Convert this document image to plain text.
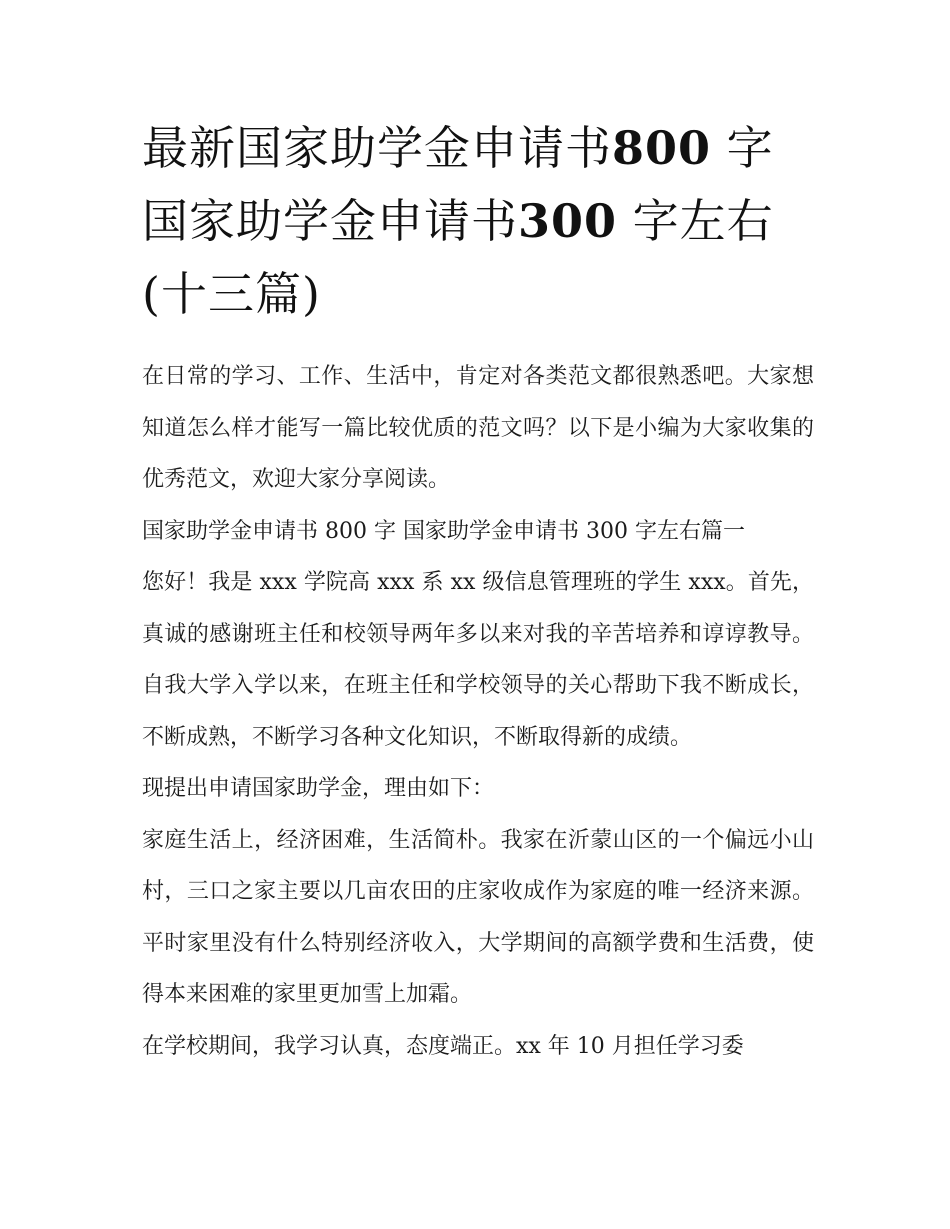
最新国家助学金申请书800 字
国家助学金申请书300 字左右
(十三篇)

在日常的学习、工作、生活中，肯定对各类范文都很熟悉吧。大家想知道怎么样才能写一篇比较优质的范文吗？以下是小编为大家收集的优秀范文，欢迎大家分享阅读。

国家助学金申请书 800 字 国家助学金申请书 300 字左右篇一

您好！我是 xxx 学院高 xxx 系 xx 级信息管理班的学生 xxx。首先，真诚的感谢班主任和校领导两年多以来对我的辛苦培养和谆谆教导。自我大学入学以来，在班主任和学校领导的关心帮助下我不断成长，不断成熟，不断学习各种文化知识，不断取得新的成绩。

现提出申请国家助学金，理由如下：

家庭生活上，经济困难，生活简朴。我家在沂蒙山区的一个偏远小山村，三口之家主要以几亩农田的庄家收成作为家庭的唯一经济来源。平时家里没有什么特别经济收入，大学期间的高额学费和生活费，使得本来困难的家里更加雪上加霜。

在学校期间，我学习认真，态度端正。xx 年 10 月担任学习委
